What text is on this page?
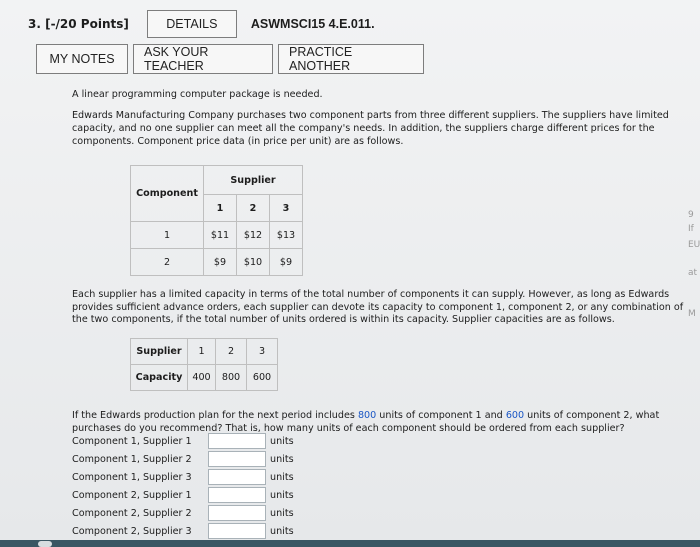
3. [-/20 Points]	DETAILS	ASWMSCI15 4.E.011.
MY NOTES	ASK YOUR TEACHER
PRACTICE ANOTHER

A linear programming computer package is needed.

Edwards Manufacturing Company purchases two component parts from three different suppliers. The suppliers have limited capacity, and no one supplier can meet all the company's needs. In addition, the suppliers charge different prices for the components. Component price data (in price per unit) are as follows.

Component	Supplier		
	1	2	3
1	$11	$12	$13
2	$9	$10	$9

Each supplier has a limited capacity in terms of the total number of components it can supply. However, as long as Edwards provides sufficient advance orders, each supplier can devote its capacity to component 1, component 2, or any combination of the two components, if the total number of units ordered is within its capacity. Supplier capacities are as follows.

Supplier	1	2	3
Capacity	400	800	600

If the Edwards production plan for the next period includes 800 units of component 1 and 600 units of component 2, what purchases do you recommend? That is, how many units of each component should be ordered from each supplier?

Component 1, Supplier 1	units
Component 1, Supplier 2	units
Component 1, Supplier 3	units
Component 2, Supplier 1	units
Component 2, Supplier 2	units
Component 2, Supplier 3	units
9
If
EU
at
M
